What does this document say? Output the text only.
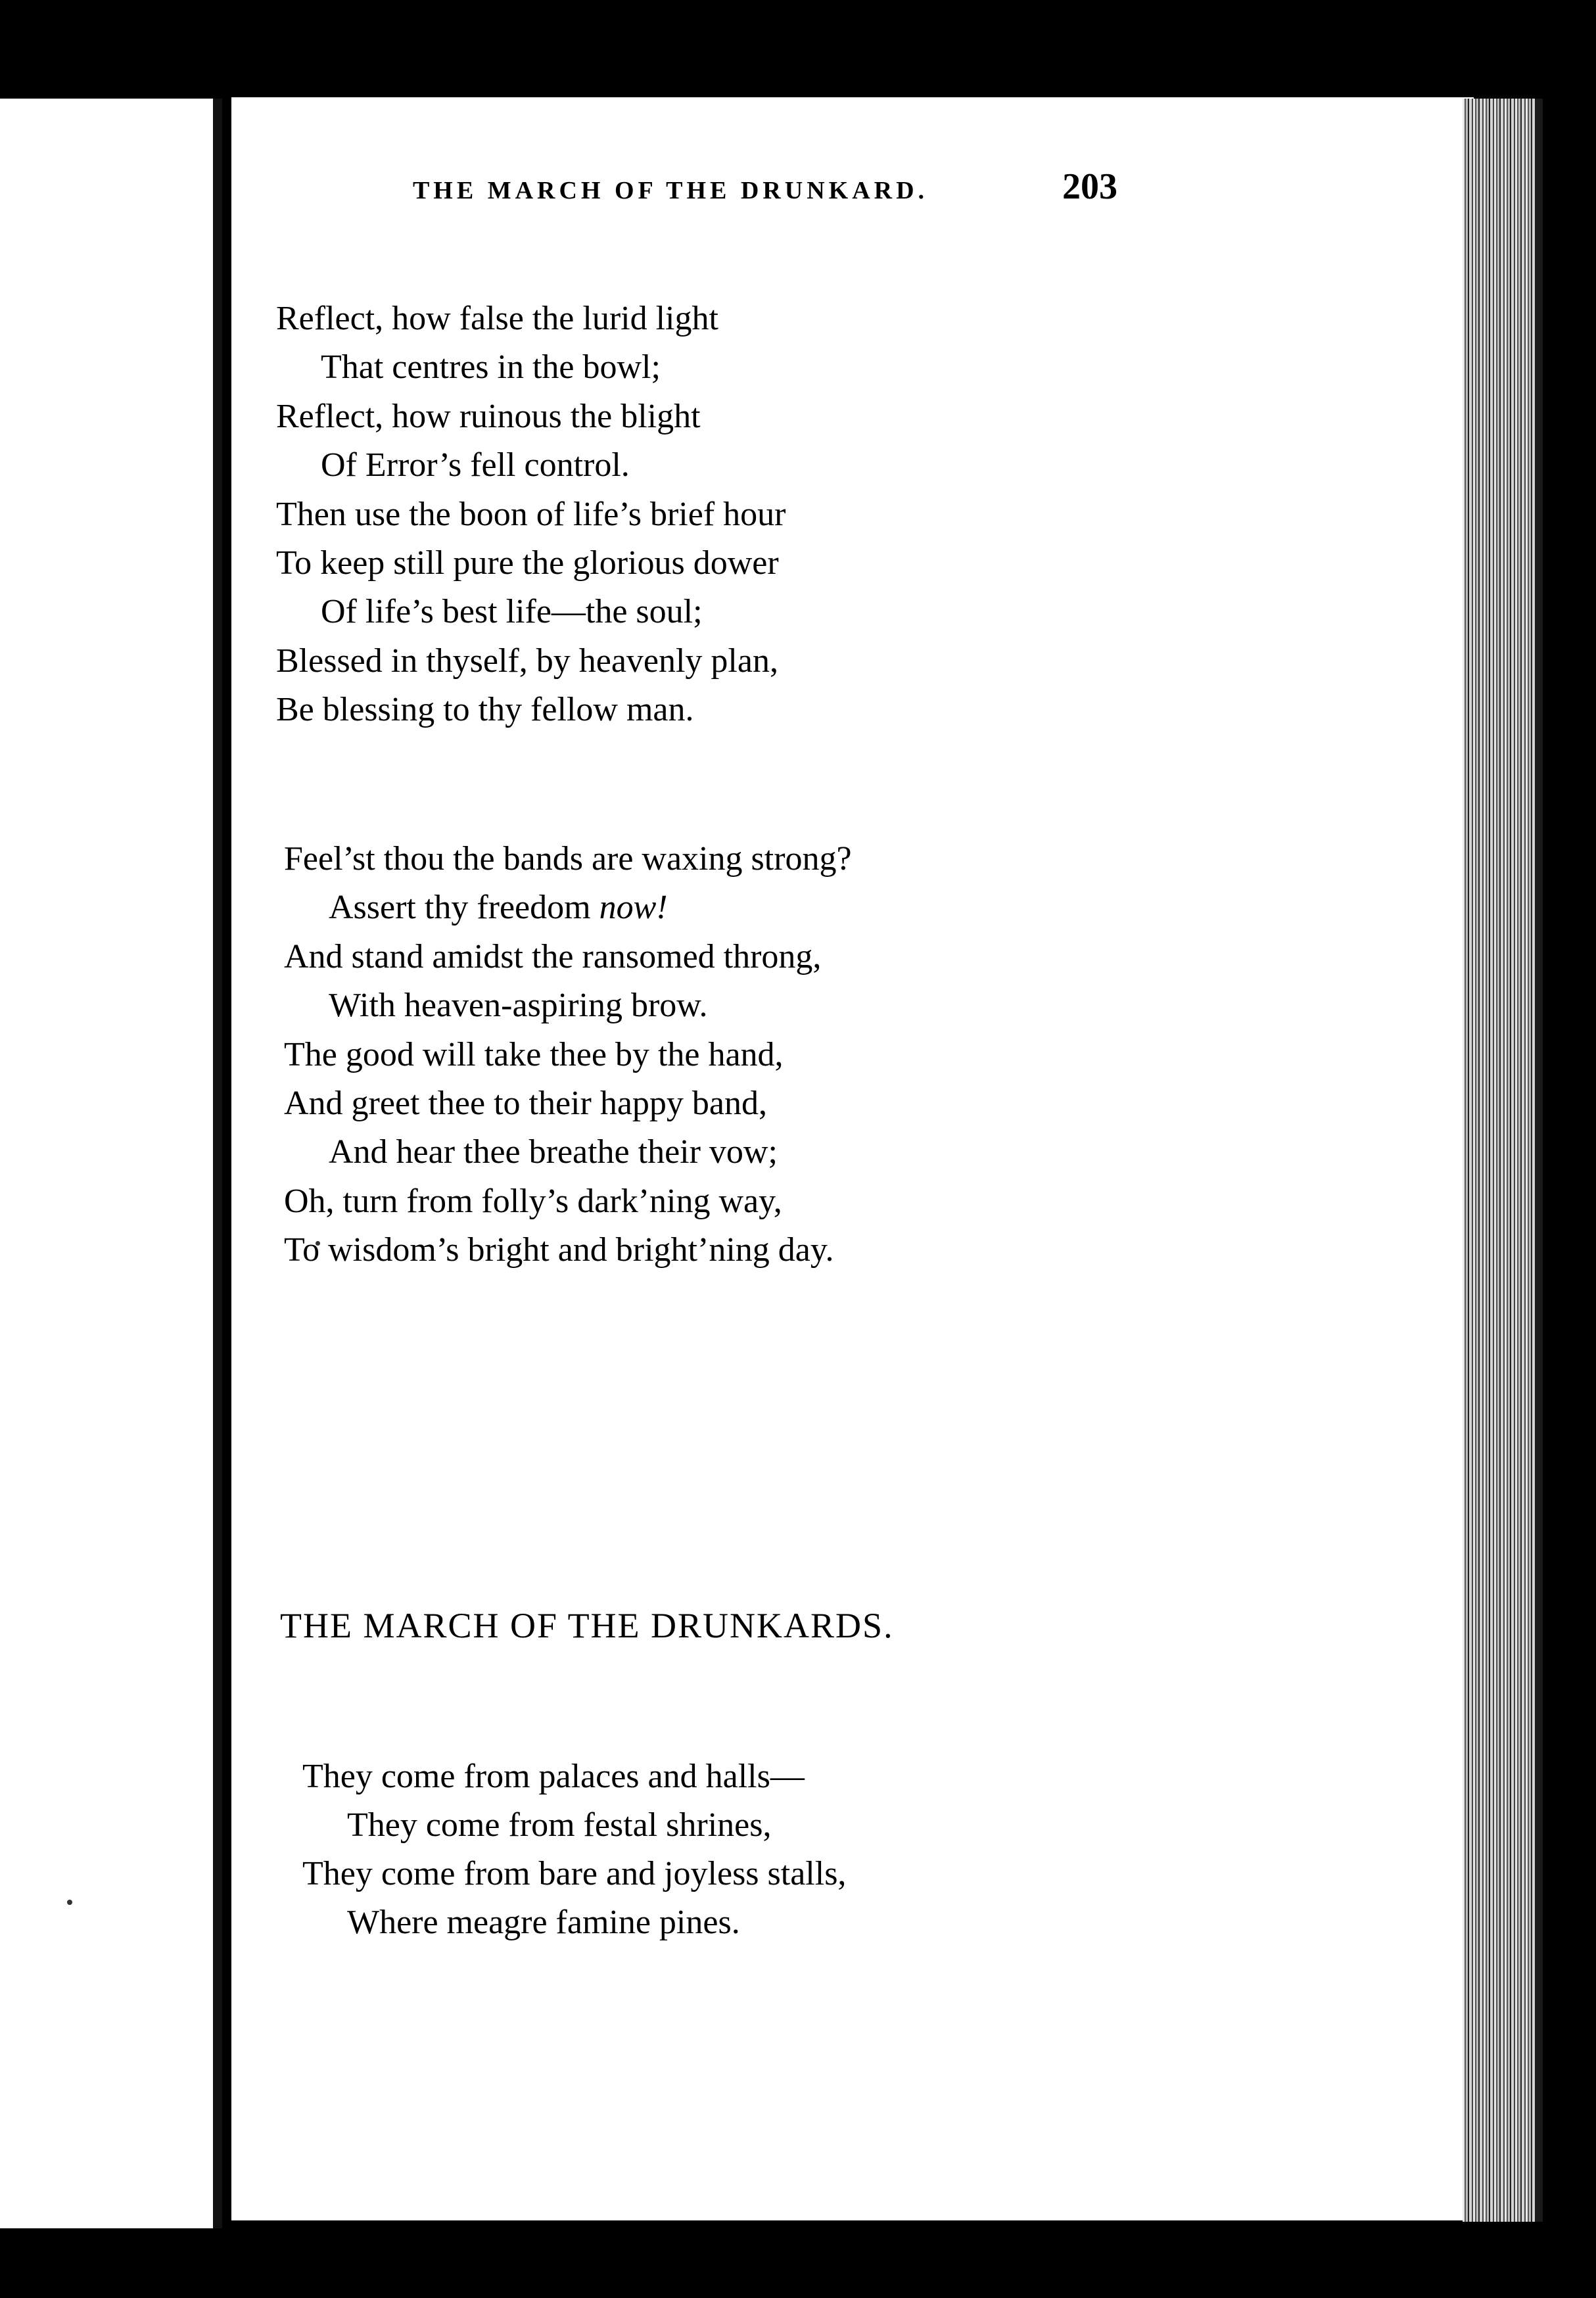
THE MARCH OF THE DRUNKARD.	203
Reflect, how false the lurid light
That centres in the bowl;
Reflect, how ruinous the blight
Of Error’s fell control.
Then use the boon of life’s brief hour
To keep still pure the glorious dower
Of life’s best life—the soul;
Blessed in thyself, by heavenly plan,
Be blessing to thy fellow man.
Feel’st thou the bands are waxing strong?
Assert thy freedom now!
And stand amidst the ransomed throng,
With heaven-aspiring brow.
The good will take thee by the hand,
And greet thee to their happy band,
And hear thee breathe their vow;
Oh, turn from folly’s dark’ning way,
To wisdom’s bright and bright’ning day.
THE MARCH OF THE DRUNKARDS.
They come from palaces and halls—
They come from festal shrines,
They come from bare and joyless stalls,
Where meagre famine pines.
